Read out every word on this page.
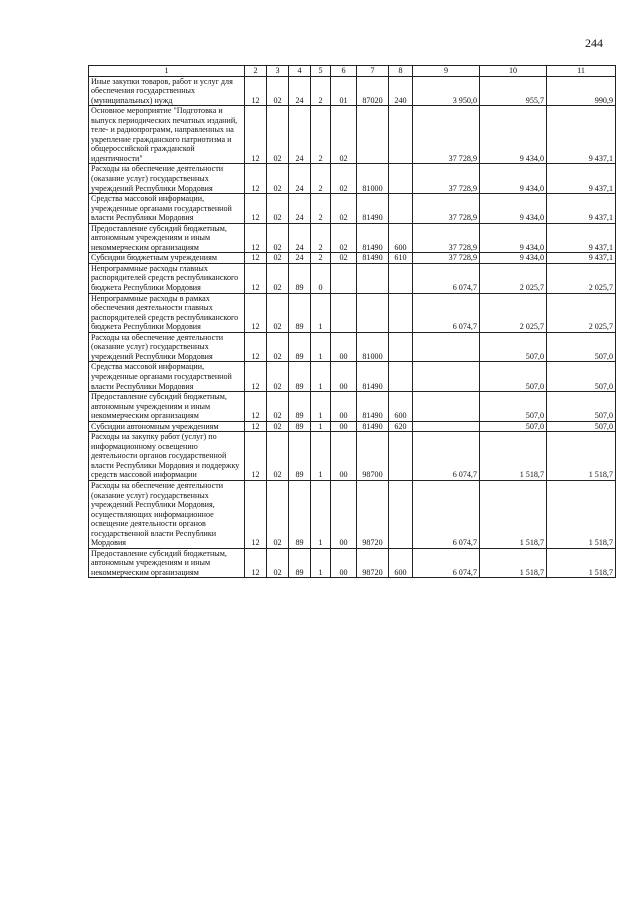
244
1	2	3	4	5	6	7	8	9	10	11
Иные закупки товаров, работ и услуг для обеспечения государственных (муниципальных) нужд	12	02	24	2	01	87020	240	3 950,0	955,7	990,9
Основное мероприятие "Подготовка и выпуск периодических печатных изданий, теле- и радиопрограмм, направленных на укрепление гражданского патриотизма и общероссийской гражданской идентичности"	12	02	24	2	02			37 728,9	9 434,0	9 437,1
Расходы на обеспечение деятельности (оказание услуг) государственных учреждений Республики Мордовия	12	02	24	2	02	81000		37 728,9	9 434,0	9 437,1
Средства массовой информации, учрежденные органами государственной власти Республики Мордовия	12	02	24	2	02	81490		37 728,9	9 434,0	9 437,1
Предоставление субсидий бюджетным, автономным учреждениям и иным некоммерческим организациям	12	02	24	2	02	81490	600	37 728,9	9 434,0	9 437,1
Субсидии бюджетным учреждениям	12	02	24	2	02	81490	610	37 728,9	9 434,0	9 437,1
Непрограммные расходы главных распорядителей средств республиканского бюджета Республики Мордовия	12	02	89	0				6 074,7	2 025,7	2 025,7
Непрограммные расходы в рамках обеспечения деятельности главных распорядителей средств республиканского бюджета Республики Мордовия	12	02	89	1				6 074,7	2 025,7	2 025,7
Расходы на обеспечение деятельности (оказание услуг) государственных учреждений Республики Мордовия	12	02	89	1	00	81000			507,0	507,0
Средства массовой информации, учрежденные органами государственной власти Республики Мордовия	12	02	89	1	00	81490			507,0	507,0
Предоставление субсидий бюджетным, автономным учреждениям и иным некоммерческим организациям	12	02	89	1	00	81490	600		507,0	507,0
Субсидии автономным учреждениям	12	02	89	1	00	81490	620		507,0	507,0
Расходы на закупку работ (услуг) по информационному освещению деятельности органов государственной власти Республики Мордовия и поддержку средств массовой информации	12	02	89	1	00	98700		6 074,7	1 518,7	1 518,7
Расходы на обеспечение деятельности (оказание услуг) государственных учреждений Республики Мордовия, осуществляющих информационное освещение деятельности органов государственной власти Республики Мордовия	12	02	89	1	00	98720		6 074,7	1 518,7	1 518,7
Предоставление субсидий бюджетным, автономным учреждениям и иным некоммерческим организациям	12	02	89	1	00	98720	600	6 074,7	1 518,7	1 518,7
